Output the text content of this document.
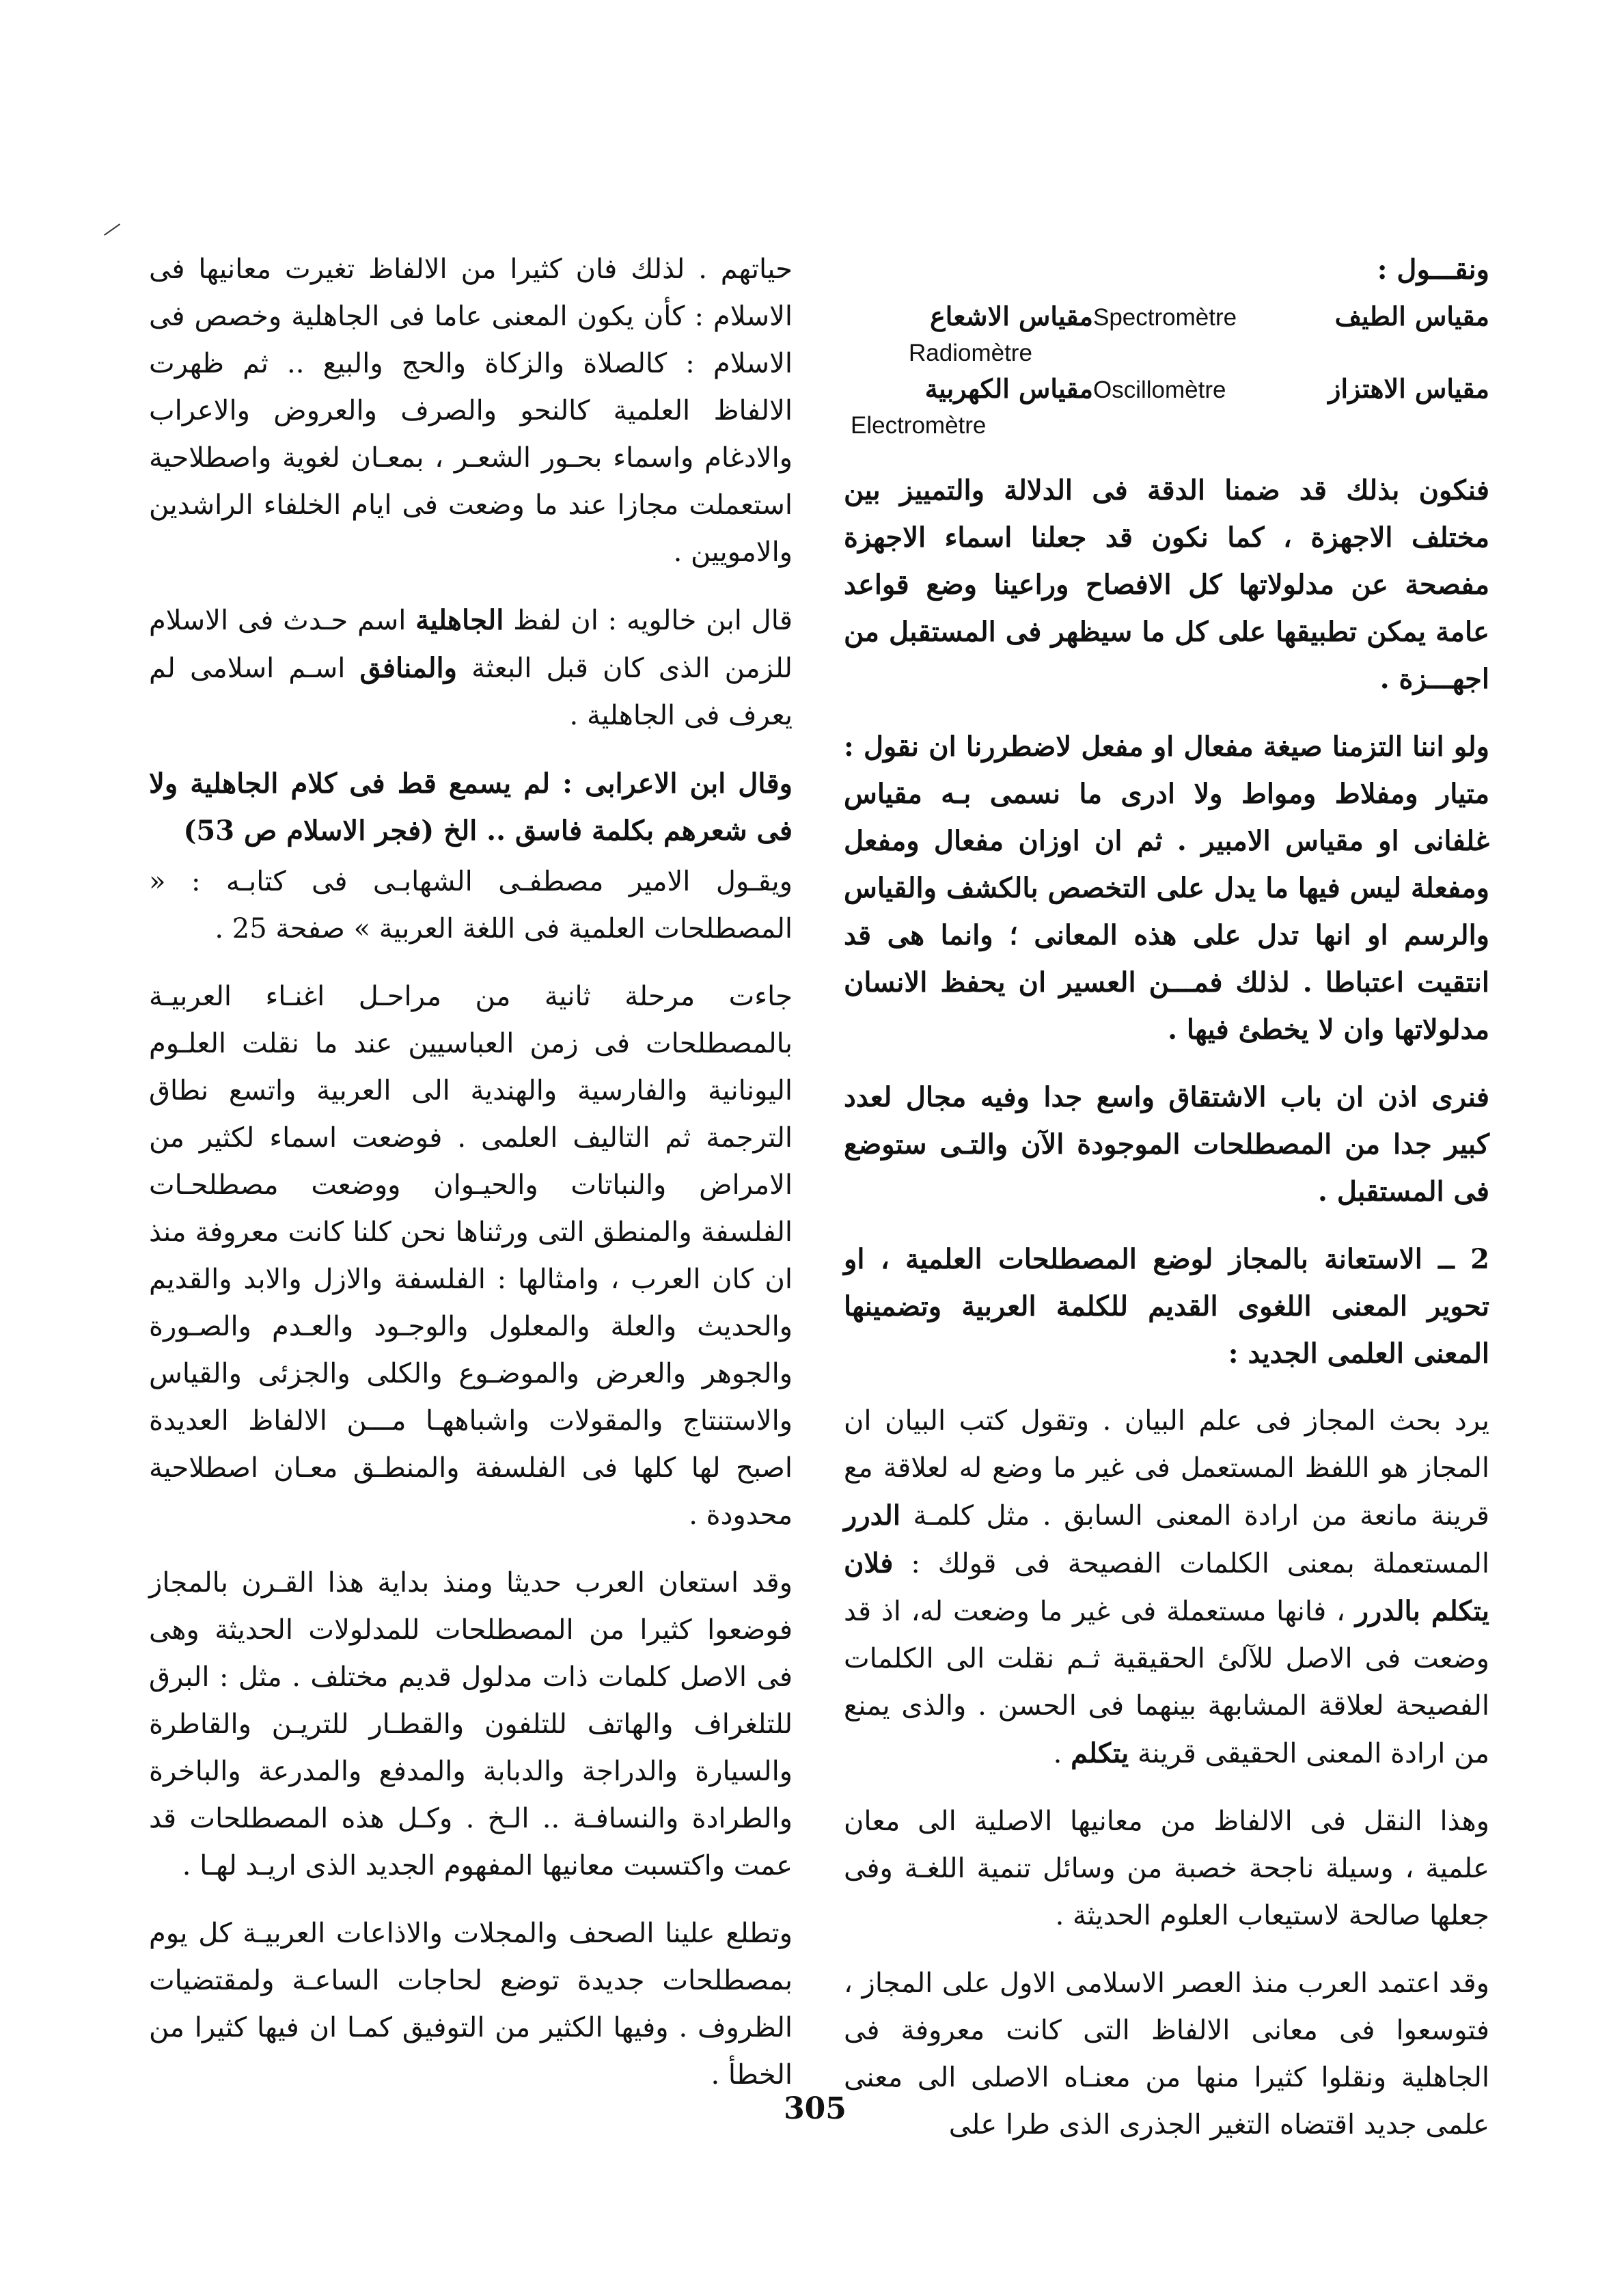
ونقـــول :

مقياس الطيف
Spectromètre
مقياس الاشعاع
Radiomètre
مقياس الاهتزاز
Oscillomètre
مقياس الكهربية
Electromètre

فنكون بذلك قد ضمنا الدقة فى الدلالة والتمييز بين مختلف الاجهزة ، كما نكون قد جعلنا اسماء الاجهزة مفصحة عن مدلولاتها كل الافصاح وراعينا وضع قواعد عامة يمكن تطبيقها على كل ما سيظهر فى المستقبل من اجهـــزة .

ولو اننا التزمنا صيغة مفعال او مفعل لاضطررنا ان نقول : متيار ومفلاط ومواط ولا ادرى ما نسمى بـه مقياس غلفانى او مقياس الامبير . ثم ان اوزان مفعال ومفعل ومفعلة ليس فيها ما يدل على التخصص بالكشف والقياس والرسم او انها تدل على هذه المعانى ؛ وانما هى قد انتقيت اعتباطا . لذلك فمـــن العسير ان يحفظ الانسان مدلولاتها وان لا يخطئ فيها .

فنرى اذن ان باب الاشتقاق واسع جدا وفيه مجال لعدد كبير جدا من المصطلحات الموجودة الآن والتـى ستوضع فى المستقبل .

2 ــ الاستعانة بالمجاز لوضع المصطلحات العلمية ، او تحوير المعنى اللغوى القديم للكلمة العربية وتضمينها المعنى العلمى الجديد :

يرد بحث المجاز فى علم البيان . وتقول كتب البيان ان المجاز هو اللفظ المستعمل فى غير ما وضع له لعلاقة مع قرينة مانعة من ارادة المعنى السابق . مثل كلمـة الدرر المستعملة بمعنى الكلمات الفصيحة فى قولك : فلان يتكلم بالدرر ، فانها مستعملة فى غير ما وضعت له، اذ قد وضعت فى الاصل للآلئ الحقيقية ثـم نقلت الى الكلمات الفصيحة لعلاقة المشابهة بينهما فى الحسن . والذى يمنع من ارادة المعنى الحقيقى قرينة يتكلم .

وهذا النقل فى الالفاظ من معانيها الاصلية الى معان علمية ، وسيلة ناجحة خصبة من وسائل تنمية اللغـة وفى جعلها صالحة لاستيعاب العلوم الحديثة .

وقد اعتمد العرب منذ العصر الاسلامى الاول على المجاز ، فتوسعوا فى معانى الالفاظ التى كانت معروفة فى الجاهلية ونقلوا كثيرا منها من معنـاه الاصلى الى معنى علمى جديد اقتضاه التغير الجذرى الذى طرا على

حياتهم . لذلك فان كثيرا من الالفاظ تغيرت معانيها فى الاسلام : كأن يكون المعنى عاما فى الجاهلية وخصص فى الاسلام : كالصلاة والزكاة والحج والبيع .. ثم ظهرت الالفاظ العلمية كالنحو والصرف والعروض والاعراب والادغام واسماء بحـور الشعـر ، بمعـان لغوية واصطلاحية استعملت مجازا عند ما وضعت فى ايام الخلفاء الراشدين والامويين .

قال ابن خالويه : ان لفظ الجاهلية اسم حـدث فى الاسلام للزمن الذى كان قبل البعثة والمنافق اسـم اسلامى لم يعرف فى الجاهلية .

وقال ابن الاعرابى : لم يسمع قط فى كلام الجاهلية ولا فى شعرهم بكلمة فاسق .. الخ (فجر الاسلام ص 53)

ويقـول الامير مصطفـى الشهابـى فى كتابـه : « المصطلحات العلمية فى اللغة العربية » صفحة 25 .

جاءت مرحلة ثانية من مراحـل اغنـاء العربيـة بالمصطلحات فى زمن العباسيين عند ما نقلت العلـوم اليونانية والفارسية والهندية الى العربية واتسع نطاق الترجمة ثم التاليف العلمى . فوضعت اسماء لكثير من الامراض والنباتات والحيـوان ووضعت مصطلحـات الفلسفة والمنطق التى ورثناها نحن كلنا كانت معروفة منذ ان كان العرب ، وامثالها : الفلسفة والازل والابد والقديم والحديث والعلة والمعلول والوجـود والعـدم والصـورة والجوهر والعرض والموضـوع والكلى والجزئى والقياس والاستنتاج والمقولات واشباههـا مـــن الالفاظ العديدة اصبح لها كلها فى الفلسفة والمنطـق معـان اصطلاحية محدودة .

وقد استعان العرب حديثا ومنذ بداية هذا القـرن بالمجاز فوضعوا كثيرا من المصطلحات للمدلولات الحديثة وهى فى الاصل كلمات ذات مدلول قديم مختلف . مثل : البرق للتلغراف والهاتف للتلفون والقطـار للتريـن والقاطرة والسيارة والدراجة والدبابة والمدفع والمدرعة والباخرة والطرادة والنسافـة .. الـخ . وكـل هذه المصطلحات قد عمت واكتسبت معانيها المفهوم الجديد الذى اريـد لهـا .

وتطلع علينا الصحف والمجلات والاذاعات العربيـة كل يوم بمصطلحات جديدة توضع لحاجات الساعـة ولمقتضيات الظروف . وفيها الكثير من التوفيق كمـا ان فيها كثيرا من الخطأ .

305
